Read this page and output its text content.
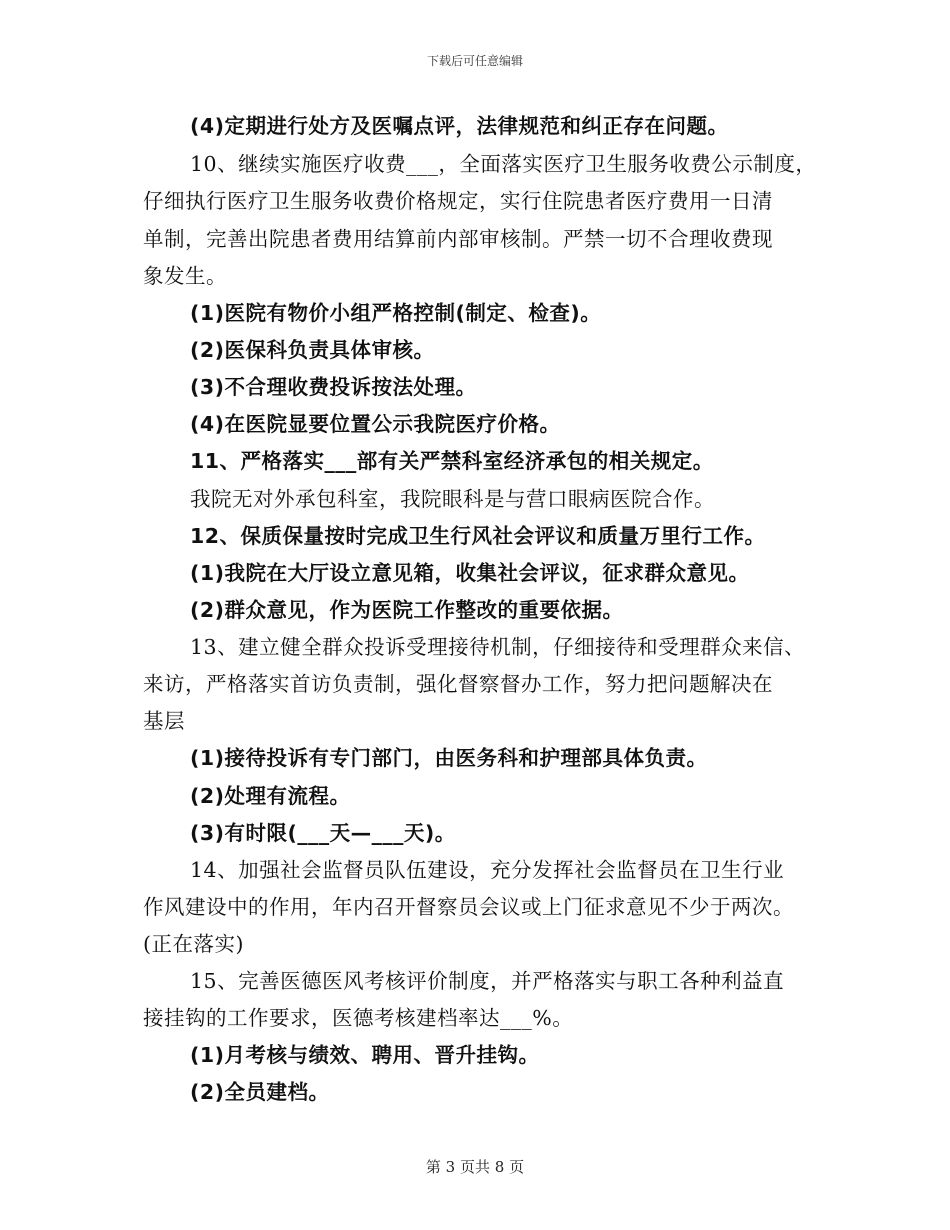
下载后可任意编辑
(4)定期进行处方及医嘱点评，法律规范和纠正存在问题。
10、继续实施医疗收费___，全面落实医疗卫生服务收费公示制度，
仔细执行医疗卫生服务收费价格规定，实行住院患者医疗费用一日清
单制，完善出院患者费用结算前内部审核制。严禁一切不合理收费现
象发生。
(1)医院有物价小组严格控制(制定、检查)。
(2)医保科负责具体审核。
(3)不合理收费投诉按法处理。
(4)在医院显要位置公示我院医疗价格。
11、严格落实___部有关严禁科室经济承包的相关规定。
我院无对外承包科室，我院眼科是与营口眼病医院合作。
12、保质保量按时完成卫生行风社会评议和质量万里行工作。
(1)我院在大厅设立意见箱，收集社会评议，征求群众意见。
(2)群众意见，作为医院工作整改的重要依据。
13、建立健全群众投诉受理接待机制，仔细接待和受理群众来信、
来访，严格落实首访负责制，强化督察督办工作，努力把问题解决在
基层
(1)接待投诉有专门部门，由医务科和护理部具体负责。
(2)处理有流程。
(3)有时限(___天—___天)。
14、加强社会监督员队伍建设，充分发挥社会监督员在卫生行业
作风建设中的作用，年内召开督察员会议或上门征求意见不少于两次。
(正在落实)
15、完善医德医风考核评价制度，并严格落实与职工各种利益直
接挂钩的工作要求，医德考核建档率达___%。
(1)月考核与绩效、聘用、晋升挂钩。
(2)全员建档。
第 3 页共 8 页
